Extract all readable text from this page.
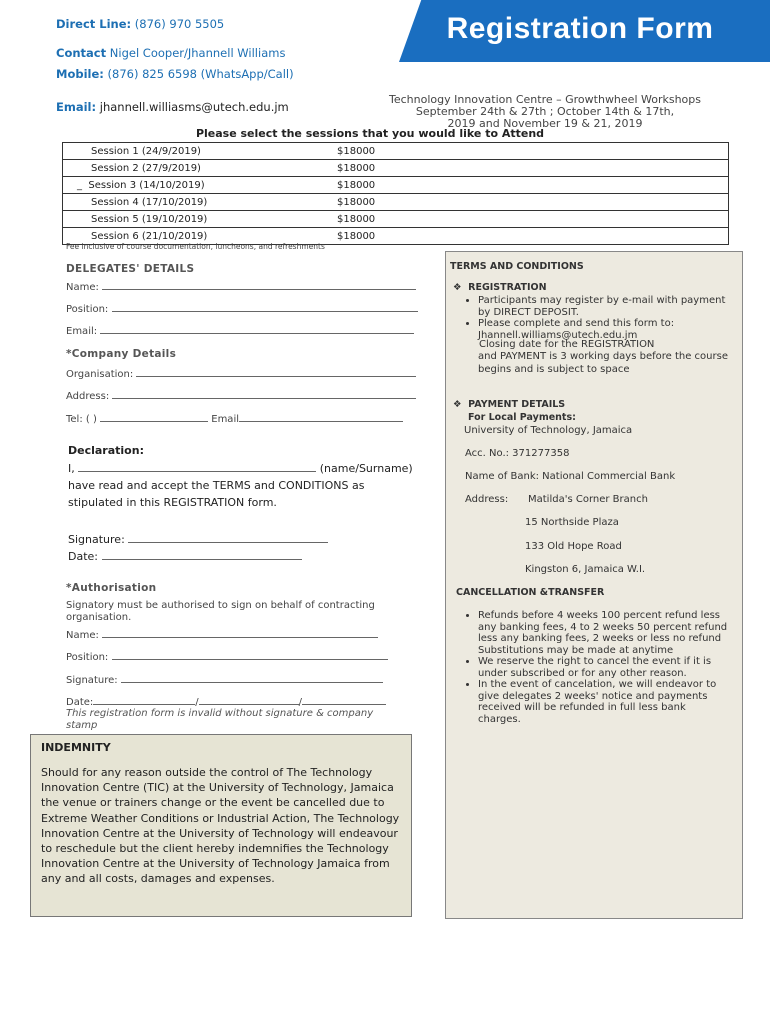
Registration Form
Direct Line: (876) 970 5505
Contact Nigel Cooper/Jhannell Williams
Mobile: (876) 825 6598 (WhatsApp/Call)
Email: jhannell.williasms@utech.edu.jm
Technology Innovation Centre – Growthwheel Workshops
September 24th & 27th ; October 14th & 17th,
2019 and November 19 & 21, 2019
Please select the sessions that you would like to Attend
Session 1 (24/9/2019)	$18000
Session 2 (27/9/2019)	$18000
_ Session 3 (14/10/2019)	$18000
Session 4 (17/10/2019)	$18000
Session 5 (19/10/2019)	$18000
Session 6 (21/10/2019)	$18000
Fee inclusive of course documentation, luncheons, and refreshments
DELEGATES' DETAILS
Name:
Position:
Email:
*Company Details
Organisation:
Address:
Tel: ( )	Email
Declaration:
I,	(name/Surname)
have read and accept the TERMS and CONDITIONS as
stipulated in this REGISTRATION form.
Signature:
Date:
*Authorisation
Signatory must be authorised to sign on behalf of contracting organisation.
Name:
Position:
Signature:
Date:	/	/
This registration form is invalid without signature & company stamp
INDEMNITY
Should for any reason outside the control of The Technology Innovation Centre (TIC) at the University of Technology, Jamaica the venue or trainers change or the event be cancelled due to Extreme Weather Conditions or Industrial Action, The Technology Innovation Centre at the University of Technology will endeavour to reschedule but the client hereby indemnifies the Technology Innovation Centre at the University of Technology Jamaica from any and all costs, damages and expenses.
TERMS AND CONDITIONS
❖ REGISTRATION
• Participants may register by e-mail with payment by DIRECT DEPOSIT.
• Please complete and send this form to: Jhannell.williams@utech.edu.jm
Closing date for the REGISTRATION
and PAYMENT is 3 working days before the course begins and is subject to space
❖ PAYMENT DETAILS
For Local Payments:
University of Technology, Jamaica
Acc. No.: 371277358
Name of Bank: National Commercial Bank
Address: Matilda's Corner Branch
15 Northside Plaza
133 Old Hope Road
Kingston 6, Jamaica W.I.
CANCELLATION &TRANSFER
• Refunds before 4 weeks 100 percent refund less any banking fees, 4 to 2 weeks 50 percent refund less any banking fees, 2 weeks or less no refund Substitutions may be made at anytime
• We reserve the right to cancel the event if it is under subscribed or for any other reason.
• In the event of cancelation, we will endeavor to give delegates 2 weeks' notice and payments received will be refunded in full less bank charges.
